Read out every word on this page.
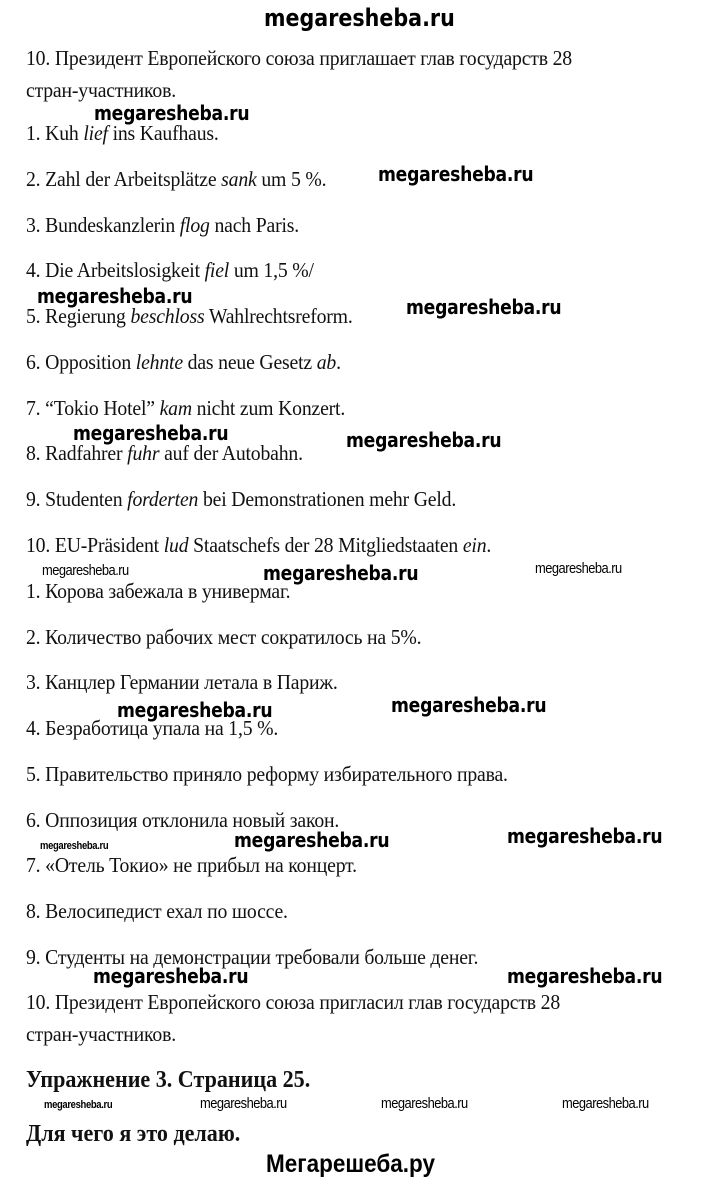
megaresheba.ru
10. Президент Европейского союза приглашает глав государств 28
стран-участников.
1. Kuh lief ins Kaufhaus.
2. Zahl der Arbeitsplätze sank um 5 %.
3. Bundeskanzlerin flog nach Paris.
4. Die Arbeitslosigkeit fiel um 1,5 %/
5. Regierung beschloss Wahlrechtsreform.
6. Opposition lehnte das neue Gesetz ab.
7. “Tokio Hotel” kam nicht zum Konzert.
8. Radfahrer fuhr auf der Autobahn.
9. Studenten forderten bei Demonstrationen mehr Geld.
10. EU-Präsident lud Staatschefs der 28 Mitgliedstaaten ein.
1. Корова забежала в универмаг.
2. Количество рабочих мест сократилось на 5%.
3. Канцлер Германии летала в Париж.
4. Безработица упала на 1,5 %.
5. Правительство приняло реформу избирательного права.
6. Оппозиция отклонила новый закон.
7. «Отель Токио» не прибыл на концерт.
8. Велосипедист ехал по шоссе.
9. Студенты на демонстрации требовали больше денег.
10. Президент Европейского союза пригласил глав государств 28
стран-участников.
Упражнение 3. Страница 25.
Для чего я это делаю.
megaresheba.ru
megaresheba.ru
megaresheba.ru	megaresheba.ru
megaresheba.ru	megaresheba.ru
megaresheba.ru	megaresheba.ru	megaresheba.ru
megaresheba.ru	megaresheba.ru
megaresheba.ru	megaresheba.ru	megaresheba.ru
megaresheba.ru	megaresheba.ru
megaresheba.ru	megaresheba.ru	megaresheba.ru	megaresheba.ru
Мегарешеба.ру
